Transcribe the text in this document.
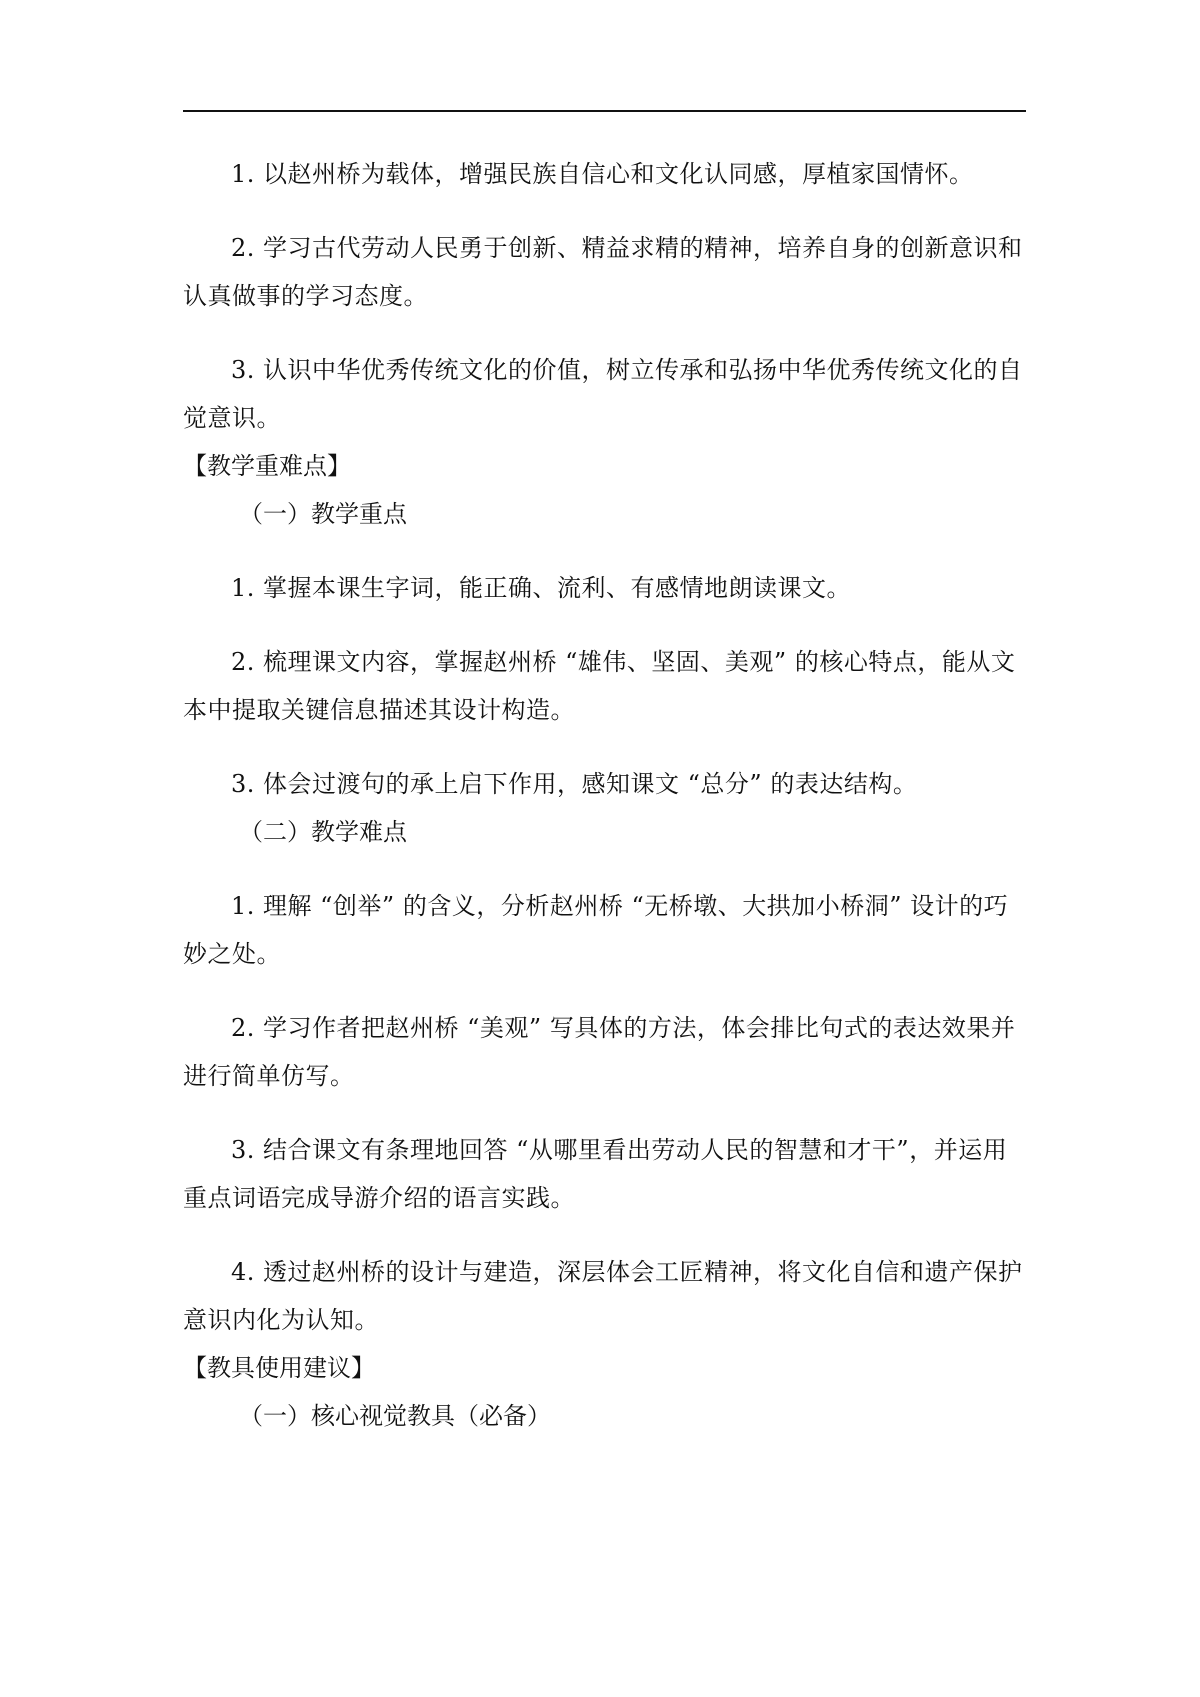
1. 以赵州桥为载体，增强民族自信心和文化认同感，厚植家国情怀。

2. 学习古代劳动人民勇于创新、精益求精的精神，培养自身的创新意识和认真做事的学习态度。

3. 认识中华优秀传统文化的价值，树立传承和弘扬中华优秀传统文化的自觉意识。

【教学重难点】

（一）教学重点

1. 掌握本课生字词，能正确、流利、有感情地朗读课文。

2. 梳理课文内容，掌握赵州桥 “雄伟、坚固、美观” 的核心特点，能从文本中提取关键信息描述其设计构造。

3. 体会过渡句的承上启下作用，感知课文 “总分” 的表达结构。

（二）教学难点

1. 理解 “创举” 的含义，分析赵州桥 “无桥墩、大拱加小桥洞” 设计的巧妙之处。

2. 学习作者把赵州桥 “美观” 写具体的方法，体会排比句式的表达效果并进行简单仿写。

3. 结合课文有条理地回答 “从哪里看出劳动人民的智慧和才干”，并运用重点词语完成导游介绍的语言实践。

4. 透过赵州桥的设计与建造，深层体会工匠精神，将文化自信和遗产保护意识内化为认知。

【教具使用建议】

（一）核心视觉教具（必备）
